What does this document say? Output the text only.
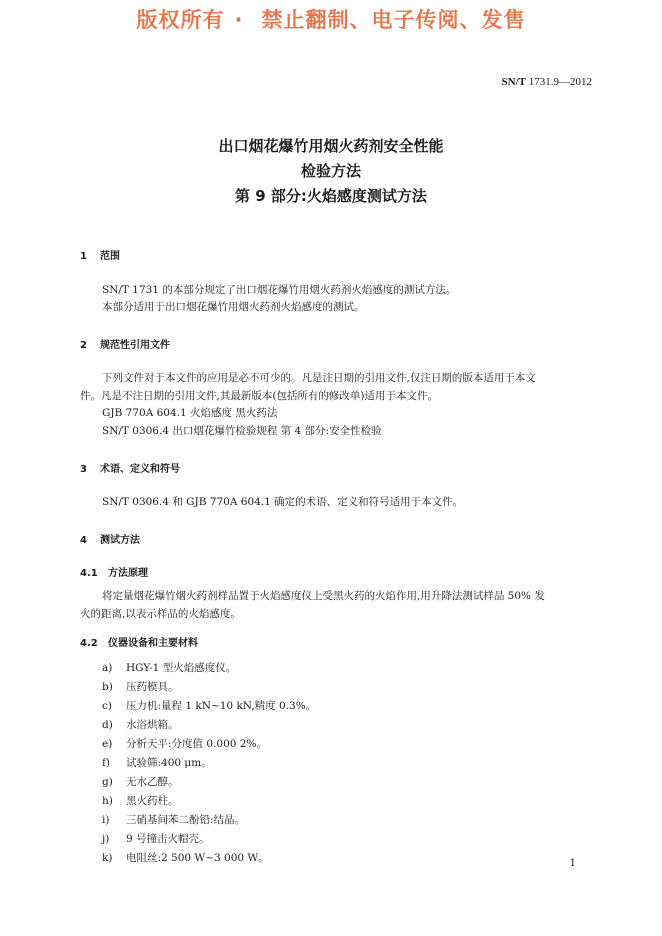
版权所有 · 禁止翻制、电子传阅、发售
SN/T 1731.9—2012
出口烟花爆竹用烟火药剂安全性能
检验方法
第 9 部分:火焰感度测试方法
1 范围
SN/T 1731 的本部分规定了出口烟花爆竹用烟火药剂火焰感度的测试方法。
本部分适用于出口烟花爆竹用烟火药剂火焰感度的测试。
2 规范性引用文件
下列文件对于本文件的应用是必不可少的。凡是注日期的引用文件,仅注日期的版本适用于本文
件。凡是不注日期的引用文件,其最新版本(包括所有的修改单)适用于本文件。
GJB 770A 604.1 火焰感度 黑火药法
SN/T 0306.4 出口烟花爆竹检验规程 第 4 部分:安全性检验
3 术语、定义和符号
SN/T 0306.4 和 GJB 770A 604.1 确定的术语、定义和符号适用于本文件。
4 测试方法
4.1 方法原理
将定量烟花爆竹烟火药剂样品置于火焰感度仪上受黑火药的火焰作用,用升降法测试样品 50% 发
火的距离,以表示样品的火焰感度。
4.2 仪器设备和主要材料
a) HGY-1 型火焰感度仪。
b) 压药模具。
c) 压力机:量程 1 kN~10 kN,精度 0.3%。
d) 水浴烘箱。
e) 分析天平:分度值 0.000 2%。
f) 试验筛:400 μm。
g) 无水乙醇。
h) 黑火药柱。
i) 三硝基间苯二酚铅:结晶。
j) 9 号撞击火帽壳。
k) 电阻丝:2 500 W~3 000 W。	1
